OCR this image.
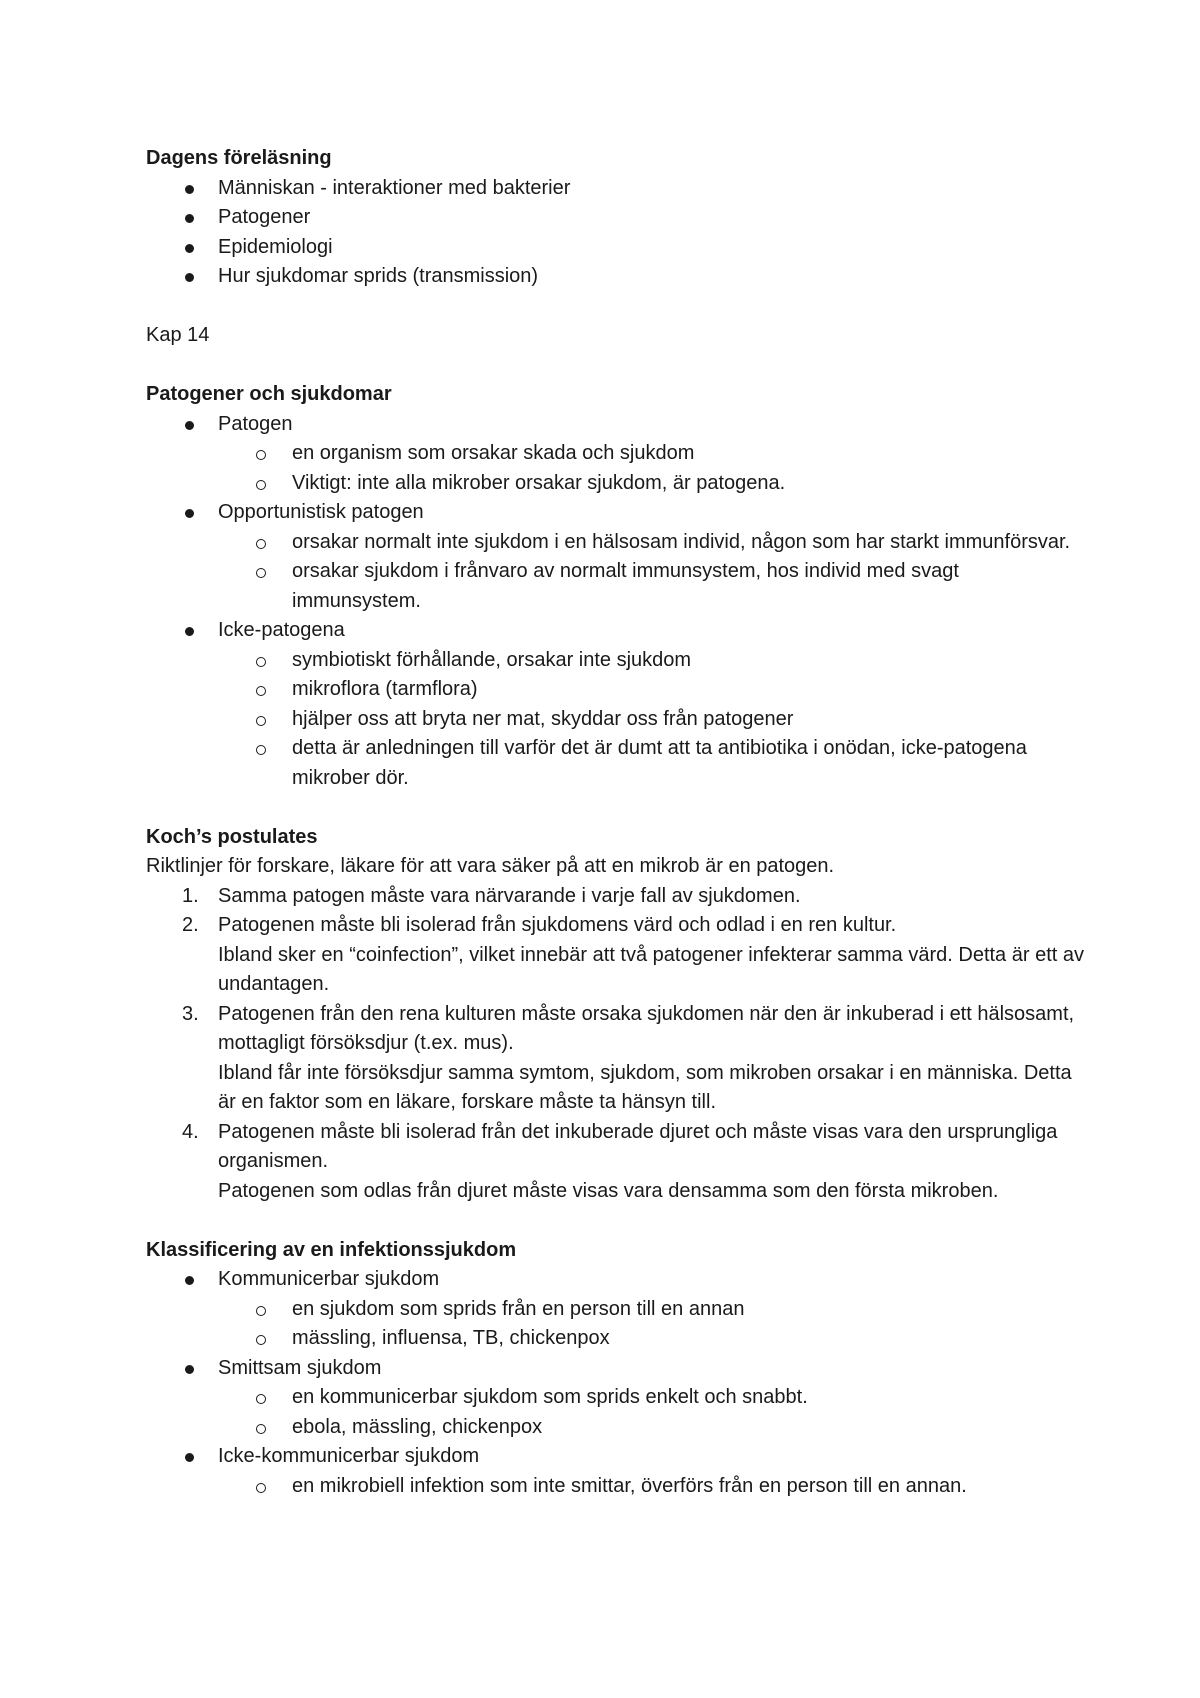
Dagens föreläsning

Människan - interaktioner med bakterier
Patogener
Epidemiologi
Hur sjukdomar sprids (transmission)

Kap 14

Patogener och sjukdomar

Patogen
en organism som orsakar skada och sjukdom
Viktigt: inte alla mikrober orsakar sjukdom, är patogena.
Opportunistisk patogen
orsakar normalt inte sjukdom i en hälsosam individ, någon som har starkt immunförsvar.
orsakar sjukdom i frånvaro av normalt immunsystem, hos individ med svagt immunsystem.
Icke-patogena
symbiotiskt förhållande, orsakar inte sjukdom
mikroflora (tarmflora)
hjälper oss att bryta ner mat, skyddar oss från patogener
detta är anledningen till varför det är dumt att ta antibiotika i onödan, icke-patogena mikrober dör.

Koch’s postulates

Riktlinjer för forskare, läkare för att vara säker på att en mikrob är en patogen.

1. Samma patogen måste vara närvarande i varje fall av sjukdomen.
2. Patogenen måste bli isolerad från sjukdomens värd och odlad i en ren kultur.
Ibland sker en “coinfection”, vilket innebär att två patogener infekterar samma värd. Detta är ett av undantagen.
3. Patogenen från den rena kulturen måste orsaka sjukdomen när den är inkuberad i ett hälsosamt, mottagligt försöksdjur (t.ex. mus).
Ibland får inte försöksdjur samma symtom, sjukdom, som mikroben orsakar i en människa. Detta är en faktor som en läkare, forskare måste ta hänsyn till.
4. Patogenen måste bli isolerad från det inkuberade djuret och måste visas vara den ursprungliga organismen.
Patogenen som odlas från djuret måste visas vara densamma som den första mikroben.

Klassificering av en infektionssjukdom

Kommunicerbar sjukdom
en sjukdom som sprids från en person till en annan
mässling, influensa, TB, chickenpox
Smittsam sjukdom
en kommunicerbar sjukdom som sprids enkelt och snabbt.
ebola, mässling, chickenpox
Icke-kommunicerbar sjukdom
en mikrobiell infektion som inte smittar, överförs från en person till en annan.
